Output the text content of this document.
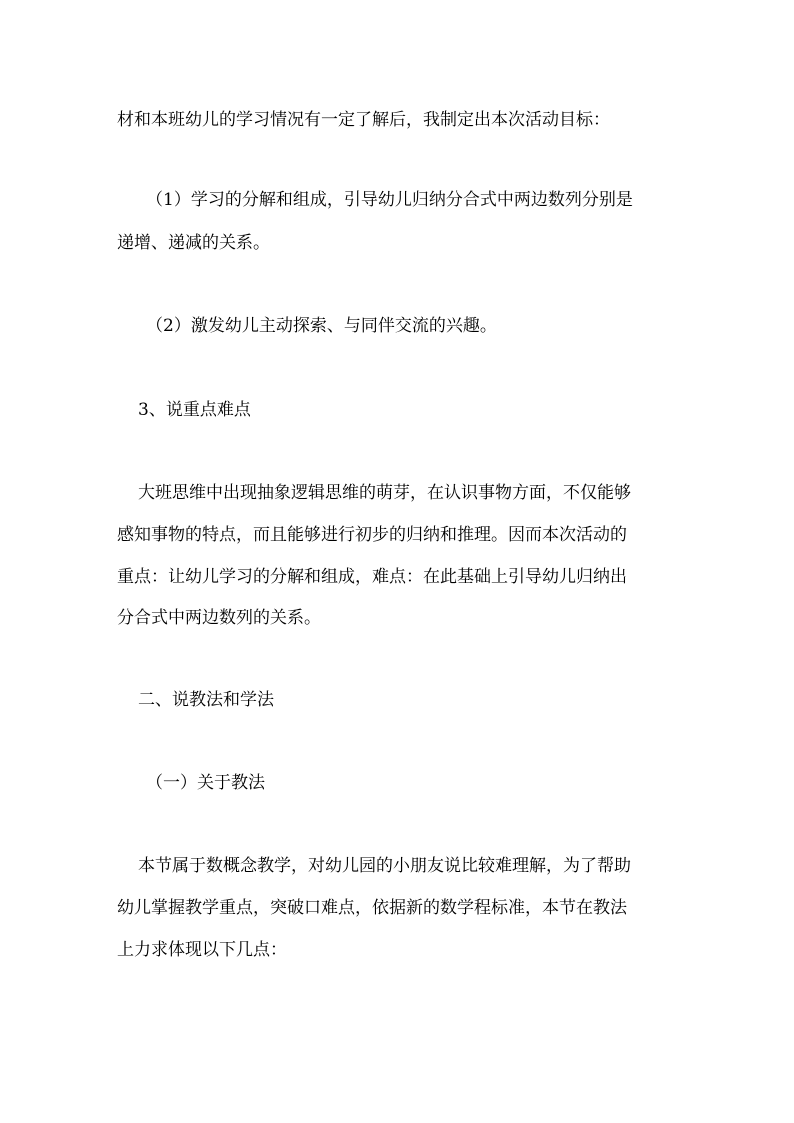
材和本班幼儿的学习情况有一定了解后，我制定出本次活动目标：
（1）学习的分解和组成，引导幼儿归纳分合式中两边数列分别是
递增、递减的关系。
（2）激发幼儿主动探索、与同伴交流的兴趣。
3、说重点难点
大班思维中出现抽象逻辑思维的萌芽，在认识事物方面，不仅能够
感知事物的特点，而且能够进行初步的归纳和推理。因而本次活动的
重点：让幼儿学习的分解和组成，难点：在此基础上引导幼儿归纳出
分合式中两边数列的关系。
二、说教法和学法
（一）关于教法
本节属于数概念教学，对幼儿园的小朋友说比较难理解，为了帮助
幼儿掌握教学重点，突破口难点，依据新的数学程标准，本节在教法
上力求体现以下几点：
